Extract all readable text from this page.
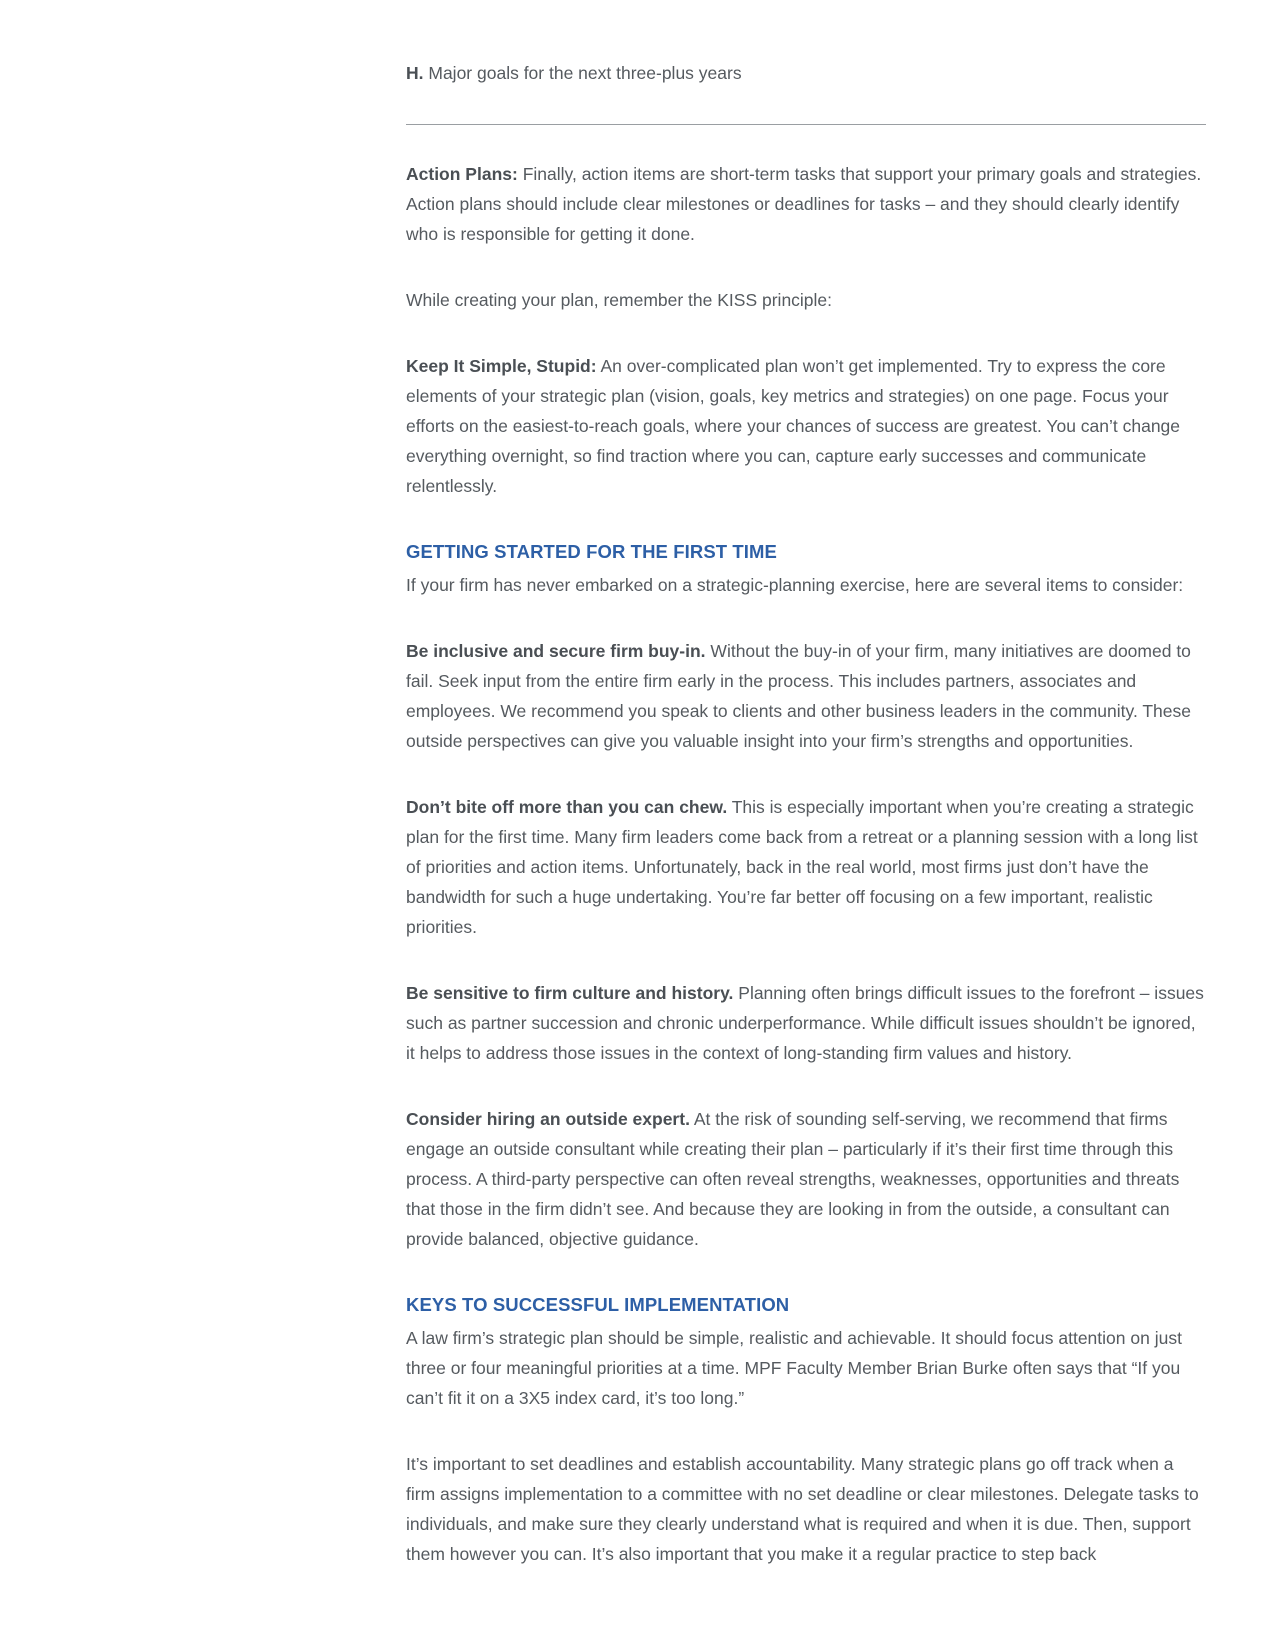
H. Major goals for the next three-plus years

Action Plans: Finally, action items are short-term tasks that support your primary goals and strategies. Action plans should include clear milestones or deadlines for tasks – and they should clearly identify who is responsible for getting it done.

While creating your plan, remember the KISS principle:

Keep It Simple, Stupid: An over-complicated plan won’t get implemented. Try to express the core elements of your strategic plan (vision, goals, key metrics and strategies) on one page. Focus your efforts on the easiest-to-reach goals, where your chances of success are greatest. You can’t change everything overnight, so find traction where you can, capture early successes and communicate relentlessly.

GETTING STARTED FOR THE FIRST TIME

If your firm has never embarked on a strategic-planning exercise, here are several items to consider:

Be inclusive and secure firm buy-in. Without the buy-in of your firm, many initiatives are doomed to fail. Seek input from the entire firm early in the process. This includes partners, associates and employees. We recommend you speak to clients and other business leaders in the community. These outside perspectives can give you valuable insight into your firm’s strengths and opportunities.

Don’t bite off more than you can chew. This is especially important when you’re creating a strategic plan for the first time. Many firm leaders come back from a retreat or a planning session with a long list of priorities and action items. Unfortunately, back in the real world, most firms just don’t have the bandwidth for such a huge undertaking. You’re far better off focusing on a few important, realistic priorities.

Be sensitive to firm culture and history. Planning often brings difficult issues to the forefront – issues such as partner succession and chronic underperformance. While difficult issues shouldn’t be ignored, it helps to address those issues in the context of long-standing firm values and history.

Consider hiring an outside expert. At the risk of sounding self-serving, we recommend that firms engage an outside consultant while creating their plan – particularly if it’s their first time through this process. A third-party perspective can often reveal strengths, weaknesses, opportunities and threats that those in the firm didn’t see. And because they are looking in from the outside, a consultant can provide balanced, objective guidance.

KEYS TO SUCCESSFUL IMPLEMENTATION

A law firm’s strategic plan should be simple, realistic and achievable. It should focus attention on just three or four meaningful priorities at a time. MPF Faculty Member Brian Burke often says that “If you can’t fit it on a 3X5 index card, it’s too long.”

It’s important to set deadlines and establish accountability. Many strategic plans go off track when a firm assigns implementation to a committee with no set deadline or clear milestones. Delegate tasks to individuals, and make sure they clearly understand what is required and when it is due. Then, support them however you can. It’s also important that you make it a regular practice to step back
